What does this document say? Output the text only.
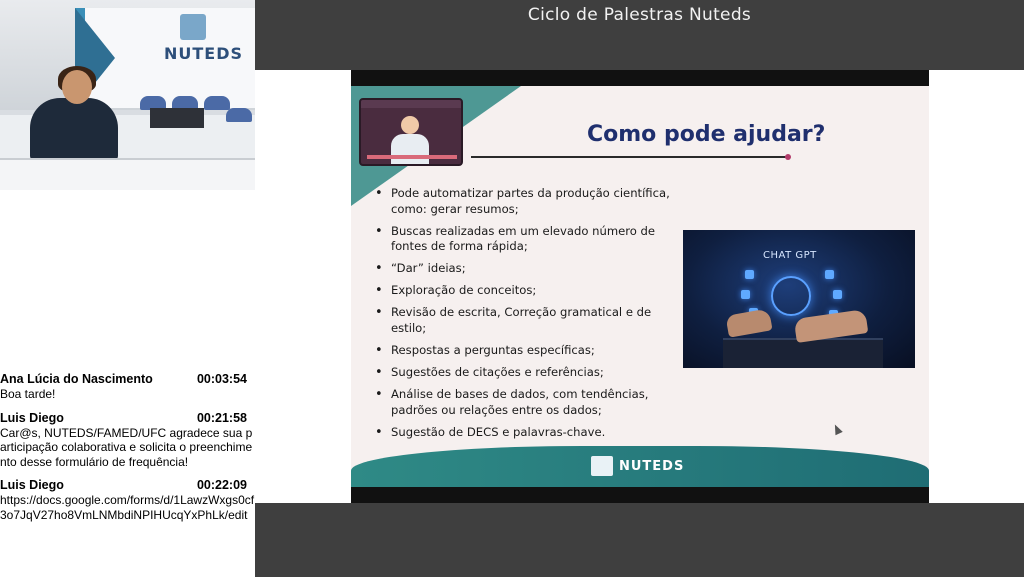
NUTEDS
Ana Lúcia do Nascimento	00:03:54
Boa tarde!
Luis Diego	00:21:58
Car@s, NUTEDS/FAMED/UFC agradece sua participação colaborativa e solicita o preenchimento desse formulário de frequência!
Luis Diego	00:22:09
https://docs.google.com/forms/d/1LawzWxgs0cf3o7JqV27ho8VmLNMbdiNPIHUcqYxPhLk/edit
Ciclo de Palestras Nuteds
Como pode ajudar?
• Pode automatizar partes da produção científica, como: gerar resumos;
• Buscas realizadas em um elevado número de fontes de forma rápida;
• “Dar” ideias;
• Exploração de conceitos;
• Revisão de escrita, Correção gramatical e de estilo;
• Respostas a perguntas específicas;
• Sugestões de citações e referências;
• Análise de bases de dados, com tendências, padrões ou relações entre os dados;
• Sugestão de DECS e palavras-chave.
CHAT GPT
NUTEDS
